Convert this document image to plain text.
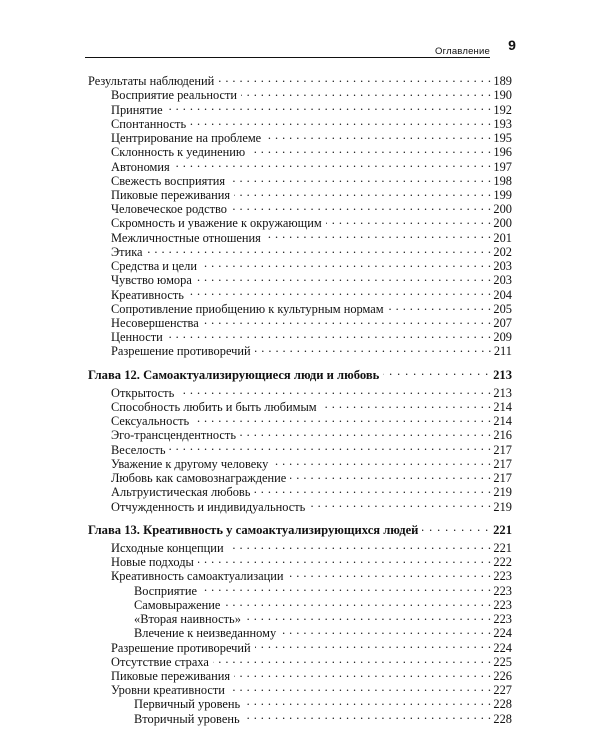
Оглавление	9
Результаты наблюдений . . .	189
Восприятие реальности . . .	190
Принятие . . .	192
Спонтанность . . .	193
Центрирование на проблеме . . .	195
Склонность к уединению . . .	196
Автономия . . .	197
Свежесть восприятия . . .	198
Пиковые переживания . . .	199
Человеческое родство . . .	200
Скромность и уважение к окружающим . . .	200
Межличностные отношения . . .	201
Этика . . .	202
Средства и цели . . .	203
Чувство юмора . . .	203
Креативность . . .	204
Сопротивление приобщению к культурным нормам . . .	205
Несовершенства . . .	207
Ценности . . .	209
Разрешение противоречий . . .	211
Глава 12. Самоактуализирующиеся люди и любовь . . .	213
Открытость . . .	213
Способность любить и быть любимым . . .	214
Сексуальность . . .	214
Эго-трансцендентность . . .	216
Веселость . . .	217
Уважение к другому человеку . . .	217
Любовь как самовознаграждение . . .	217
Альтруистическая любовь . . .	219
Отчужденность и индивидуальность . . .	219
Глава 13. Креативность у самоактуализирующихся людей . . .	221
Исходные концепции . . .	221
Новые подходы . . .	222
Креативность самоактуализации . . .	223
Восприятие . . .	223
Самовыражение . . .	223
«Вторая наивность» . . .	223
Влечение к неизведанному . . .	224
Разрешение противоречий . . .	224
Отсутствие страха . . .	225
Пиковые переживания . . .	226
Уровни креативности . . .	227
Первичный уровень . . .	228
Вторичный уровень . . .	228
